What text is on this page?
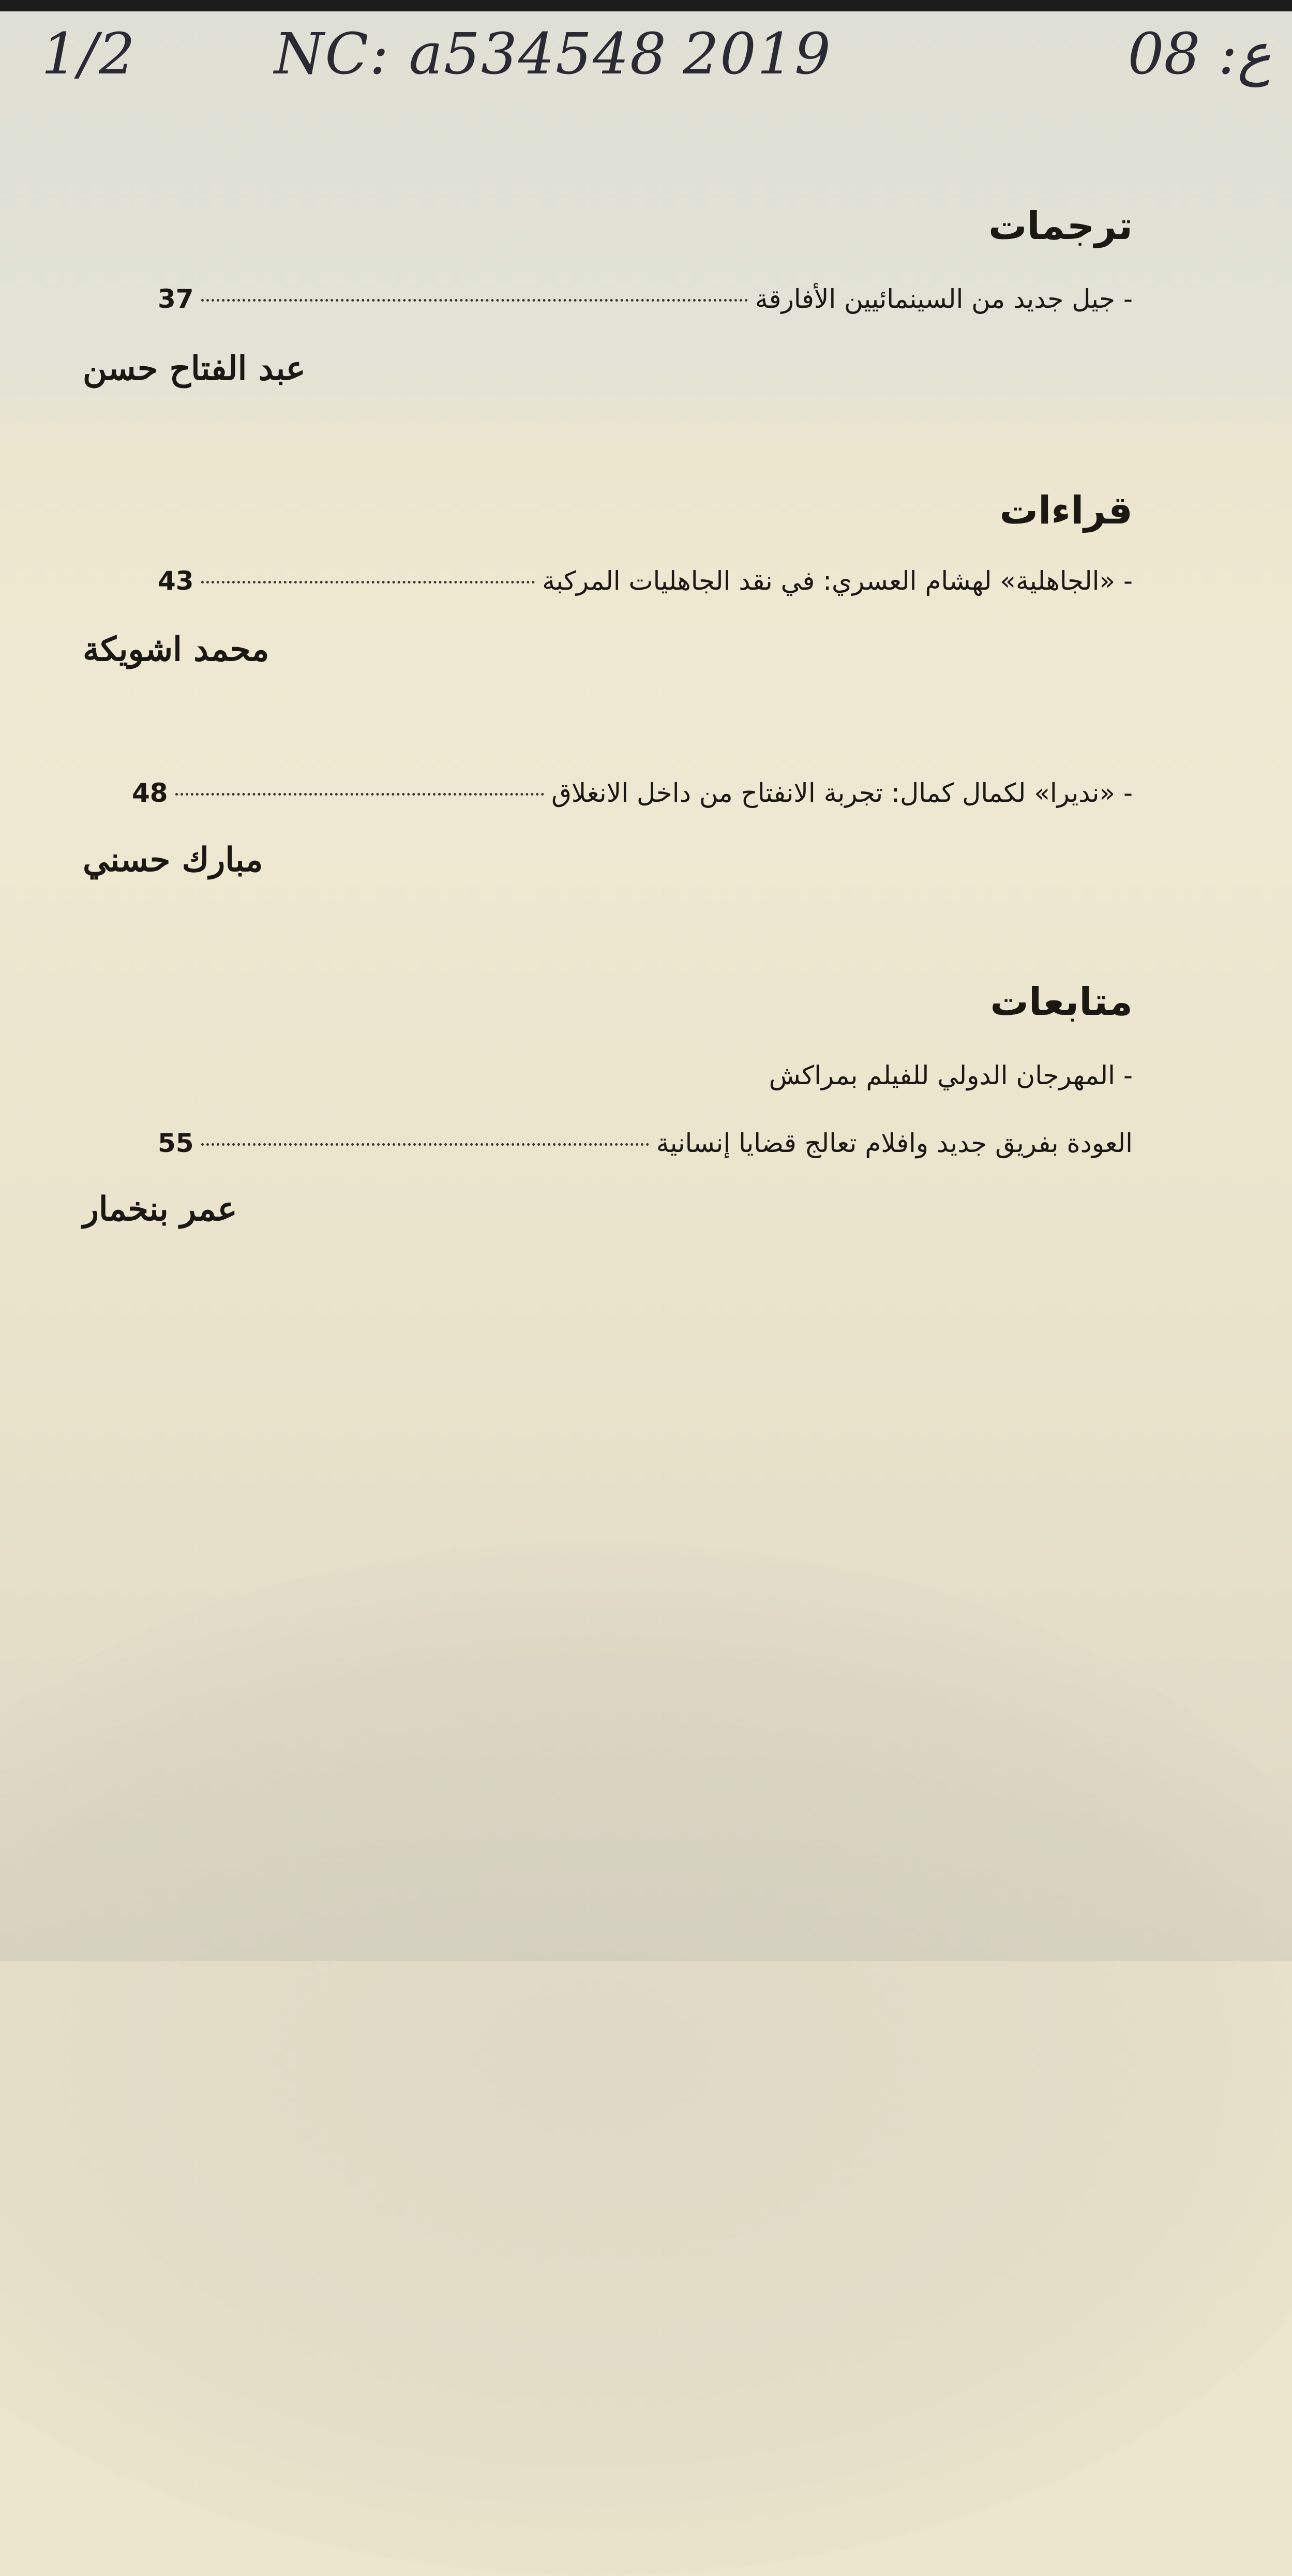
1/2 NC: a534548 2019	ع: 08
ترجمات
- جيل جديد من السينمائيين الأفارقة
37
عبد الفتاح حسن
قراءات
- «الجاهلية» لهشام العسري: في نقد الجاهليات المركبة
43
محمد اشويكة
- «نديرا» لكمال كمال: تجربة الانفتاح من داخل الانغلاق
48
مبارك حسني
متابعات
- المهرجان الدولي للفيلم بمراكش
العودة بفريق جديد وافلام تعالج قضايا إنسانية
55
عمر بنخمار
